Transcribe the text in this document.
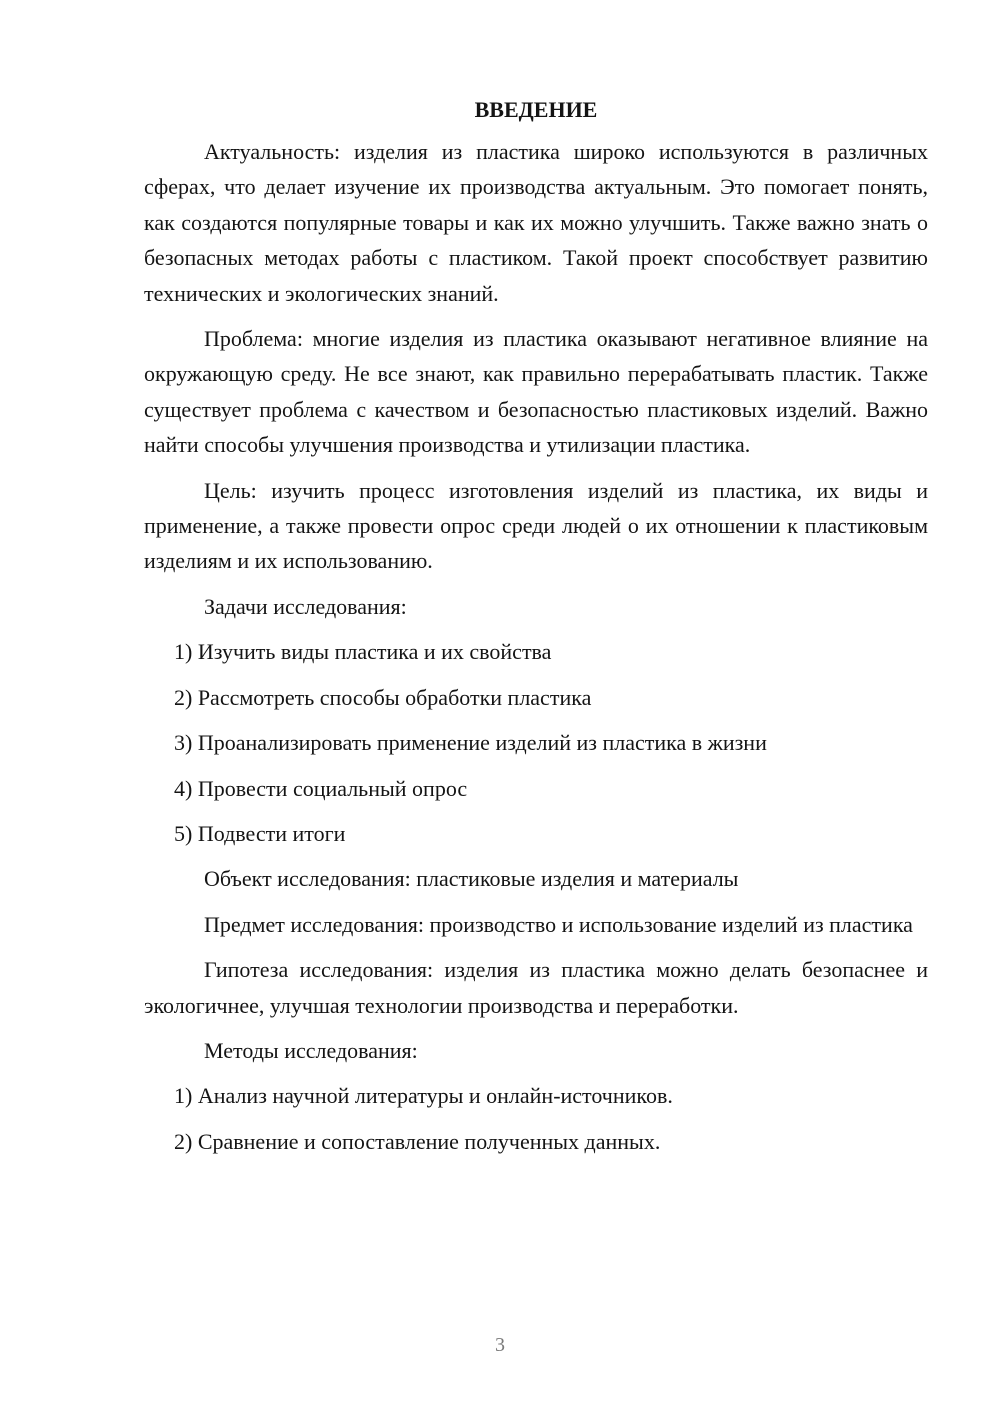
ВВЕДЕНИЕ

Актуальность: изделия из пластика широко используются в различных сферах, что делает изучение их производства актуальным. Это помогает понять, как создаются популярные товары и как их можно улучшить. Также важно знать о безопасных методах работы с пластиком. Такой проект способствует развитию технических и экологических знаний.

Проблема: многие изделия из пластика оказывают негативное влияние на окружающую среду. Не все знают, как правильно перерабатывать пластик. Также существует проблема с качеством и безопасностью пластиковых изделий. Важно найти способы улучшения производства и утилизации пластика.

Цель: изучить процесс изготовления изделий из пластика, их виды и применение, а также провести опрос среди людей о их отношении к пластиковым изделиям и их использованию.

Задачи исследования:

1) Изучить виды пластика и их свойства

2) Рассмотреть способы обработки пластика

3) Проанализировать применение изделий из пластика в жизни

4) Провести социальный опрос

5) Подвести итоги

Объект исследования: пластиковые изделия и материалы

Предмет исследования: производство и использование изделий из пластика

Гипотеза исследования: изделия из пластика можно делать безопаснее и экологичнее, улучшая технологии производства и переработки.

Методы исследования:

1) Анализ научной литературы и онлайн-источников.

2) Сравнение и сопоставление полученных данных.

3
